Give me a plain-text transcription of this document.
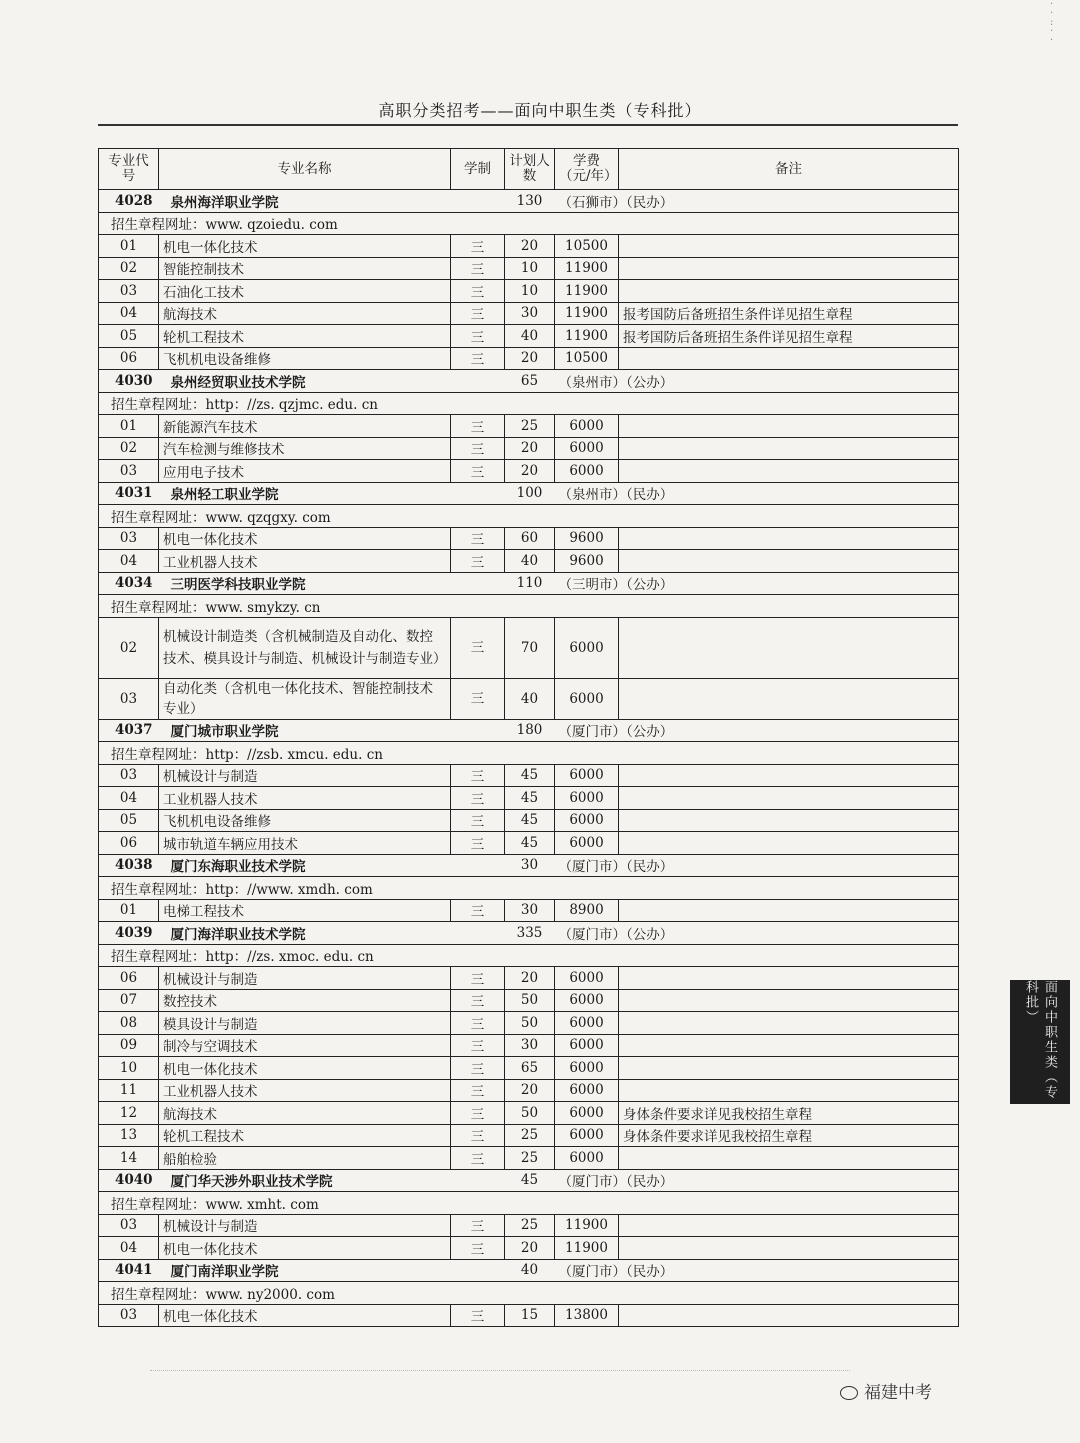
·
·
:
·
·
高职分类招考——面向中职生类（专科批）
专业代号	专业名称	学制	计划人数	学费（元/年）	备注
4028	泉州海洋职业学院		130	（石狮市）（民办）	
招生章程网址：www. qzoiedu. com					
01	机电一体化技术	三	20	10500	
02	智能控制技术	三	10	11900	
03	石油化工技术	三	10	11900	
04	航海技术	三	30	11900	报考国防后备班招生条件详见招生章程
05	轮机工程技术	三	40	11900	报考国防后备班招生条件详见招生章程
06	飞机机电设备维修	三	20	10500	
4030	泉州经贸职业技术学院		65	（泉州市）（公办）	
招生章程网址：http：//zs. qzjmc. edu. cn					
01	新能源汽车技术	三	25	6000	
02	汽车检测与维修技术	三	20	6000	
03	应用电子技术	三	20	6000	
4031	泉州轻工职业学院		100	（泉州市）（民办）	
招生章程网址：www. qzqgxy. com					
03	机电一体化技术	三	60	9600	
04	工业机器人技术	三	40	9600	
4034	三明医学科技职业学院		110	（三明市）（公办）	
招生章程网址：www. smykzy. cn					
02	机械设计制造类（含机械制造及自动化、数控技术、模具设计与制造、机械设计与制造专业）	三	70	6000	
03	自动化类（含机电一体化技术、智能控制技术专业）	三	40	6000	
4037	厦门城市职业学院		180	（厦门市）（公办）	
招生章程网址：http：//zsb. xmcu. edu. cn					
03	机械设计与制造	三	45	6000	
04	工业机器人技术	三	45	6000	
05	飞机机电设备维修	三	45	6000	
06	城市轨道车辆应用技术	三	45	6000	
4038	厦门东海职业技术学院		30	（厦门市）（民办）	
招生章程网址：http：//www. xmdh. com					
01	电梯工程技术	三	30	8900	
4039	厦门海洋职业技术学院		335	（厦门市）（公办）	
招生章程网址：http：//zs. xmoc. edu. cn					
06	机械设计与制造	三	20	6000	
07	数控技术	三	50	6000	
08	模具设计与制造	三	50	6000	
09	制冷与空调技术	三	30	6000	
10	机电一体化技术	三	65	6000	
11	工业机器人技术	三	20	6000	
12	航海技术	三	50	6000	身体条件要求详见我校招生章程
13	轮机工程技术	三	25	6000	身体条件要求详见我校招生章程
14	船舶检验	三	25	6000	
4040	厦门华天涉外职业技术学院		45	（厦门市）（民办）	
招生章程网址：www. xmht. com					
03	机械设计与制造	三	25	11900	
04	机电一体化技术	三	20	11900	
4041	厦门南洋职业学院		40	（厦门市）（民办）	
招生章程网址：www. ny2000. com					
03	机电一体化技术	三	15	13800	
面向中职生类（专科批）
福建中考
